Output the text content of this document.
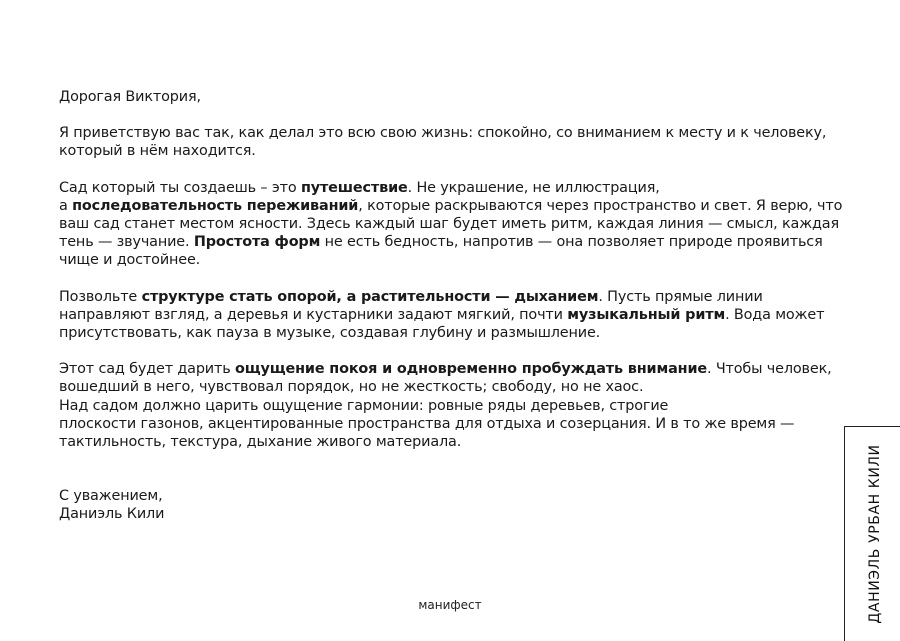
Дорогая Виктория,

Я приветствую вас так, как делал это всю свою жизнь: спокойно, со вниманием к месту и к человеку, который в нём находится.

Сад который ты создаешь – это путешествие. Не украшение, не иллюстрация,
а последовательность переживаний, которые раскрываются через пространство и свет. Я верю, что ваш сад станет местом ясности. Здесь каждый шаг будет иметь ритм, каждая линия — смысл, каждая тень — звучание. Простота форм не есть бедность, напротив — она позволяет природе проявиться чище и достойнее.

Позвольте структуре стать опорой, а растительности — дыханием. Пусть прямые линии направляют взгляд, а деревья и кустарники задают мягкий, почти музыкальный ритм. Вода может присутствовать, как пауза в музыке, создавая глубину и размышление.

Этот сад будет дарить ощущение покоя и одновременно пробуждать внимание. Чтобы человек, вошедший в него, чувствовал порядок, но не жесткость; свободу, но не хаос.
Над садом должно царить ощущение гармонии: ровные ряды деревьев, строгие
плоскости газонов, акцентированные пространства для отдыха и созерцания. И в то же время — тактильность, текстура, дыхание живого материала.

С уважением,

Даниэль Кили

манифест	ДАНИЭЛЬ УРБАН КИЛИ
